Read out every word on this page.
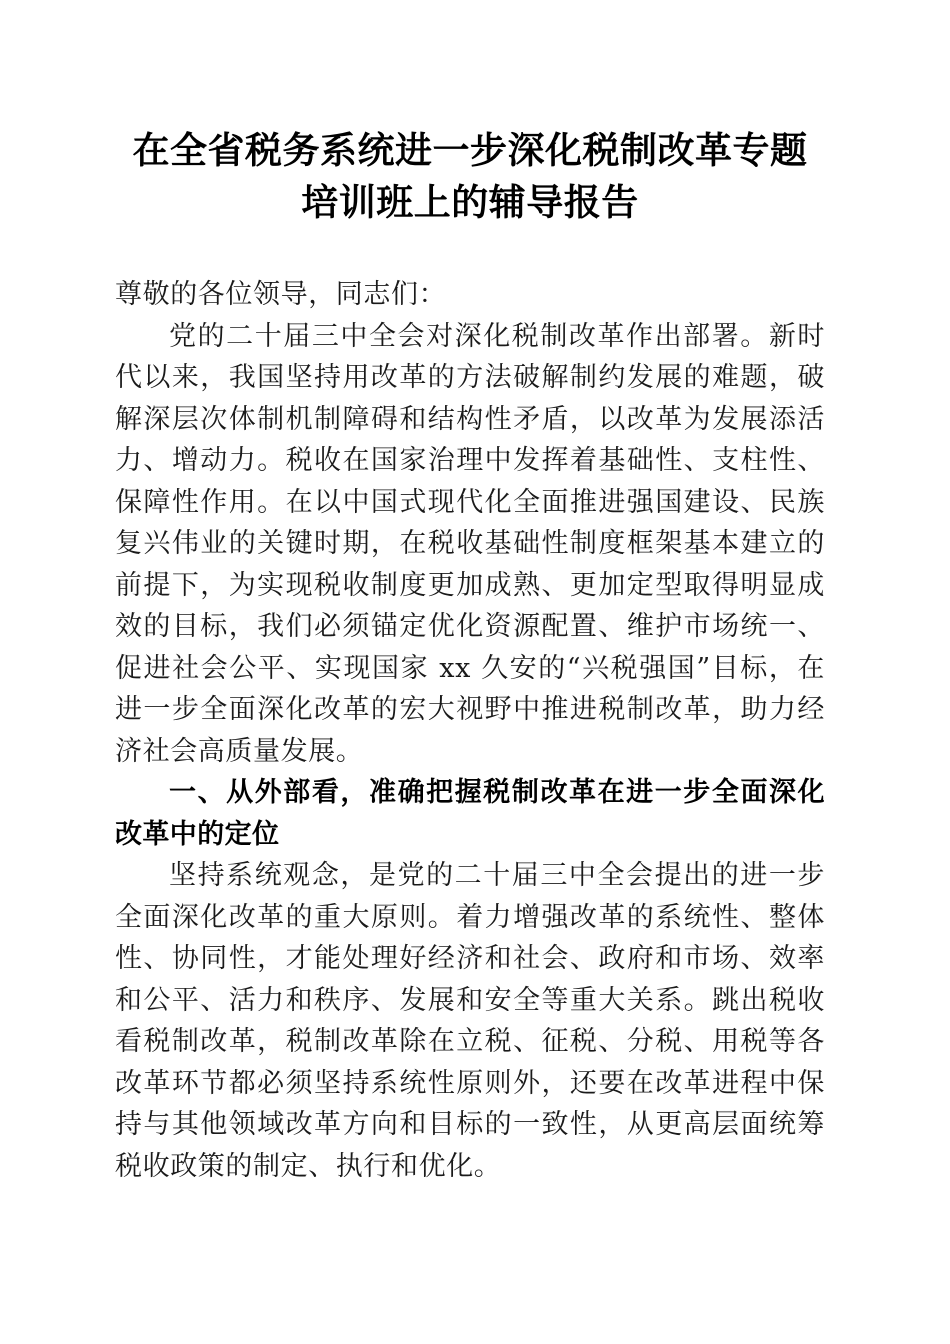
在全省税务系统进一步深化税制改革专题培训班上的辅导报告

尊敬的各位领导，同志们：

党的二十届三中全会对深化税制改革作出部署。新时代以来，我国坚持用改革的方法破解制约发展的难题，破解深层次体制机制障碍和结构性矛盾，以改革为发展添活力、增动力。税收在国家治理中发挥着基础性、支柱性、保障性作用。在以中国式现代化全面推进强国建设、民族复兴伟业的关键时期，在税收基础性制度框架基本建立的前提下，为实现税收制度更加成熟、更加定型取得明显成效的目标，我们必须锚定优化资源配置、维护市场统一、促进社会公平、实现国家 xx 久安的“兴税强国”目标，在进一步全面深化改革的宏大视野中推进税制改革，助力经济社会高质量发展。

一、从外部看，准确把握税制改革在进一步全面深化改革中的定位

坚持系统观念，是党的二十届三中全会提出的进一步全面深化改革的重大原则。着力增强改革的系统性、整体性、协同性，才能处理好经济和社会、政府和市场、效率和公平、活力和秩序、发展和安全等重大关系。跳出税收看税制改革，税制改革除在立税、征税、分税、用税等各改革环节都必须坚持系统性原则外，还要在改革进程中保持与其他领域改革方向和目标的一致性，从更高层面统筹税收政策的制定、执行和优化。
